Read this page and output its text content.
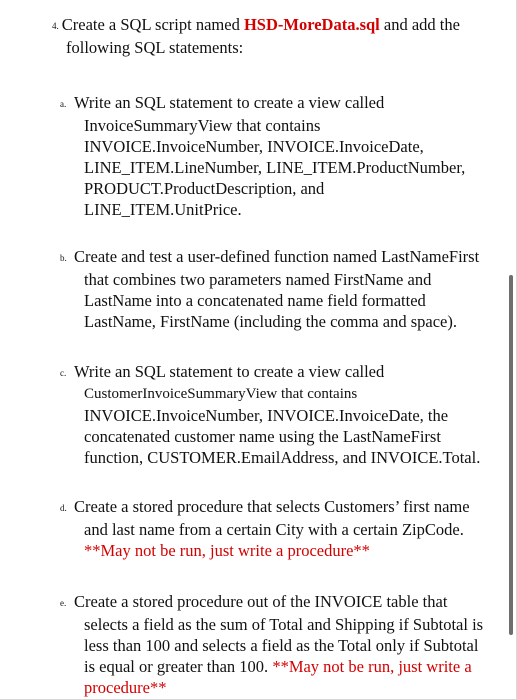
4. Create a SQL script named HSD-MoreData.sql and add the
following SQL statements:
a. Write an SQL statement to create a view called
InvoiceSummaryView that contains
INVOICE.InvoiceNumber, INVOICE.InvoiceDate,
LINE_ITEM.LineNumber, LINE_ITEM.ProductNumber,
PRODUCT.ProductDescription, and
LINE_ITEM.UnitPrice.
b. Create and test a user-defined function named LastNameFirst
that combines two parameters named FirstName and
LastName into a concatenated name field formatted
LastName, FirstName (including the comma and space).
c. Write an SQL statement to create a view called
CustomerInvoiceSummaryView that contains
INVOICE.InvoiceNumber, INVOICE.InvoiceDate, the
concatenated customer name using the LastNameFirst
function, CUSTOMER.EmailAddress, and INVOICE.Total.
d. Create a stored procedure that selects Customers’ first name
and last name from a certain City with a certain ZipCode.
**May not be run, just write a procedure**
e. Create a stored procedure out of the INVOICE table that
selects a field as the sum of Total and Shipping if Subtotal is
less than 100 and selects a field as the Total only if Subtotal
is equal or greater than 100. **May not be run, just write a
procedure**
